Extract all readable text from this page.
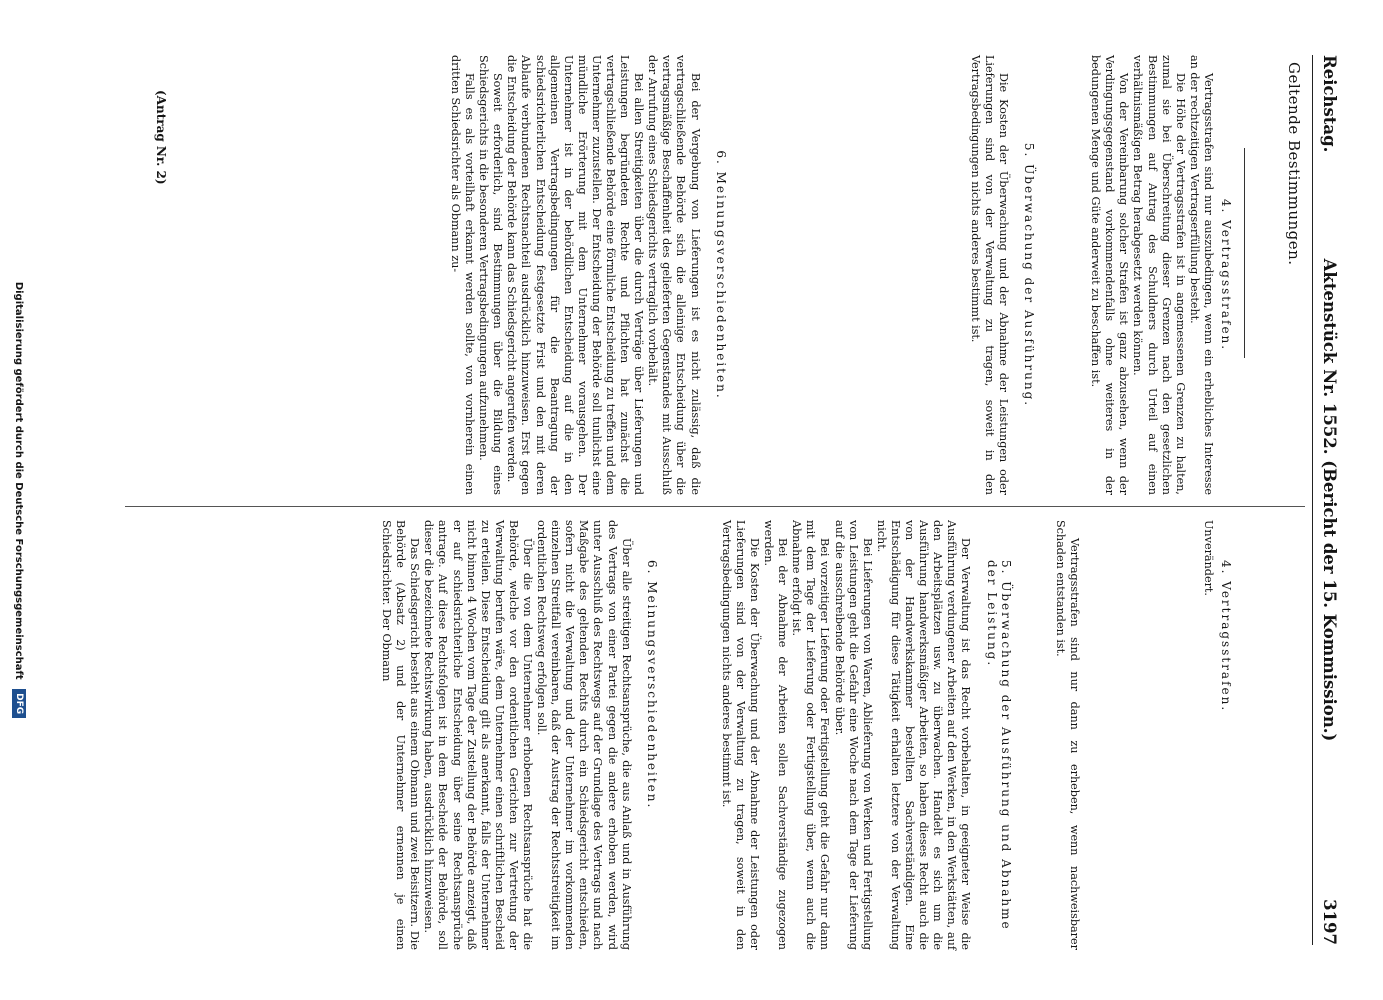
Reichstag.
Aktenstück Nr. 1552. (Bericht der 15. Kommission.)
3197
Geltende Bestimmungen.
4. Vertragsstrafen.

Vertragsstrafen sind nur auszubedingen, wenn ein erhebliches Interesse an der rechtzeitigen Vertragserfüllung besteht.

Die Höhe der Vertragsstrafen ist in angemessenen Grenzen zu halten, zumal sie bei Überschreitung dieser Grenzen nach den gesetzlichen Bestimmungen auf Antrag des Schuldners durch Urteil auf einen verhältnismäßigen Betrag herabgesetzt werden können.

Von der Vereinbarung solcher Strafen ist ganz abzusehen, wenn der Verdingungsgegenstand vorkommendenfalls ohne weiteres in der bedungenen Menge und Güte anderweit zu beschaffen ist.

5. Überwachung der Ausführung.

Die Kosten der Überwachung und der Abnahme der Leistungen oder Lieferungen sind von der Verwaltung zu tragen, soweit in den Vertragsbedingungen nichts anderes bestimmt ist.

6. Meinungsverschiedenheiten.

Bei der Vergebung von Lieferungen ist es nicht zulässig, daß die vertragschließende Behörde sich die alleinige Entscheidung über die vertragsmäßige Beschaffenheit des gelieferten Gegenstandes mit Ausschluß der Anrufung eines Schiedsgerichts vertraglich vorbehält.

Bei allen Streitigkeiten über die durch Verträge über Lieferungen und Leistungen begründeten Rechte und Pflichten hat zunächst die vertragschließende Behörde eine förmliche Entscheidung zu treffen und dem Unternehmer zuzustellen. Der Entscheidung der Behörde soll tunlichst eine mündliche Erörterung mit dem Unternehmer vorausgehen. Der Unternehmer ist in der behördlichen Entscheidung auf die in den allgemeinen Vertragsbedingungen für die Beantragung der schiedsrichterlichen Entscheidung festgesetzte Frist und den mit deren Ablaufe verbundenen Rechtsnachteil ausdrücklich hinzuweisen. Erst gegen die Entscheidung der Behörde kann das Schiedsgericht angerufen werden.

Soweit erforderlich, sind Bestimmungen über die Bildung eines Schiedsgerichts in die besonderen Vertragsbedingungen aufzunehmen.

Falls es als vorteilhaft erkannt werden sollte, von vornherein einen dritten Schiedsrichter als Obmann zu-

(Antrag Nr. 2)
4. Vertragsstrafen.

Unverändert.

Vertragsstrafen sind nur dann zu erheben, wenn nachweisbarer Schaden entstanden ist.

5. Überwachung der Ausführung und Abnahme der Leistung.

Der Verwaltung ist das Recht vorbehalten, in geeigneter Weise die Ausführung verdungener Arbeiten auf den Werken, in den Werkstätten, auf den Arbeitsplätzen usw. zu überwachen. Handelt es sich um die Ausführung handwerksmäßiger Arbeiten, so haben dieses Recht auch die von der Handwerkskammer bestellten Sachverständigen. Eine Entschädigung für diese Tätigkeit erhalten letztere von der Verwaltung nicht.

Bei Lieferungen von Waren, Ablieferung von Werken und Fertigstellung von Leistungen geht die Gefahr eine Woche nach dem Tage der Lieferung auf die ausschreibende Behörde über.

Bei vorzeitiger Lieferung oder Fertigstellung geht die Gefahr nur dann mit dem Tage der Lieferung oder Fertigstellung über, wenn auch die Abnahme erfolgt ist.

Bei der Abnahme der Arbeiten sollen Sachverständige zugezogen werden.

Die Kosten der Überwachung und der Abnahme der Leistungen oder Lieferungen sind von der Verwaltung zu tragen, soweit in den Vertragsbedingungen nichts anderes bestimmt ist.

6. Meinungsverschiedenheiten.

Über alle streitigen Rechtsansprüche, die aus Anlaß und in Ausführung des Vertrags von einer Partei gegen die andere erhoben werden, wird unter Ausschluß des Rechtswegs auf der Grundlage des Vertrags und nach Maßgabe des geltenden Rechts durch ein Schiedsgericht entschieden, sofern nicht die Verwaltung und der Unternehmer im vorkommenden einzelnen Streitfall vereinbaren, daß der Austrag der Rechtsstreitigkeit im ordentlichen Rechtsweg erfolgen soll.

Über die von dem Unternehmer erhobenen Rechtsansprüche hat die Behörde, welche vor den ordentlichen Gerichten zur Vertretung der Verwaltung berufen wäre, dem Unternehmer einen schriftlichen Bescheid zu erteilen. Diese Entscheidung gilt als anerkannt, falls der Unternehmer nicht binnen 4 Wochen vom Tage der Zustellung der Behörde anzeigt, daß er auf schiedsrichterliche Entscheidung über seine Rechtsansprüche antrage. Auf diese Rechtsfolgen ist in dem Bescheide der Behörde, soll dieser die bezeichnete Rechtswirkung haben, ausdrücklich hinzuweisen.

Das Schiedsgericht besteht aus einem Obmann und zwei Beisitzern. Die Behörde (Absatz 2) und der Unternehmer ernennen je einen Schiedsrichter. Der Obmann

Digitalisierung gefördert durch die Deutsche Forschungsgemeinschaft DFG
